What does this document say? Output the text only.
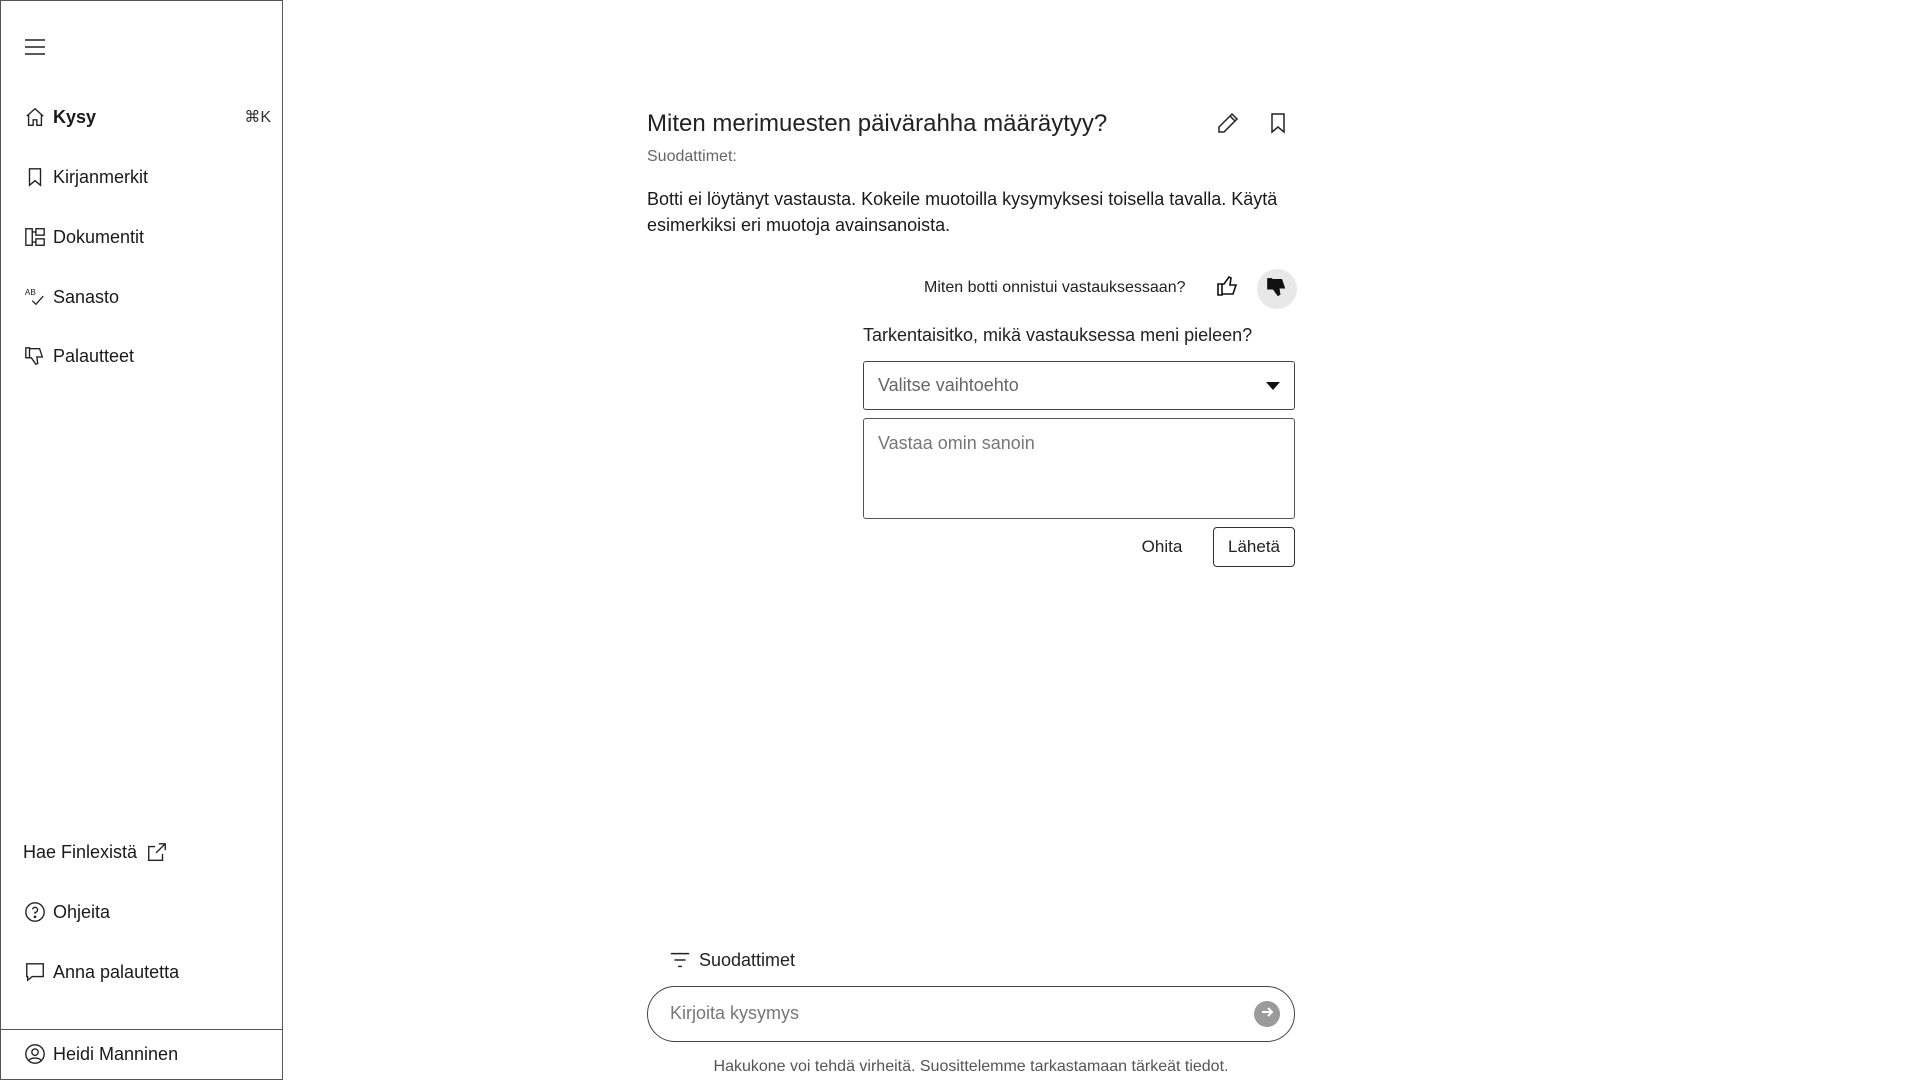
Kysy	⌘K
Kirjanmerkit
Dokumentit
AB Sanasto
Palautteet
Hae Finlexistä
Ohjeita
Anna palautetta
Heidi Manninen
Miten merimuesten päivärahha määräytyy?
Suodattimet:

Botti ei löytänyt vastausta. Kokeile muotoilla kysymyksesi toisella tavalla. Käytä esimerkiksi eri muotoja avainsanoista.

Miten botti onnistui vastauksessaan?
Tarkentaisitko, mikä vastauksessa meni pieleen?
Valitse vaihtoehto
Vastaa omin sanoin
Ohita	Lähetä
Suodattimet
Kirjoita kysymys
Hakukone voi tehdä virheitä. Suosittelemme tarkastamaan tärkeät tiedot.
